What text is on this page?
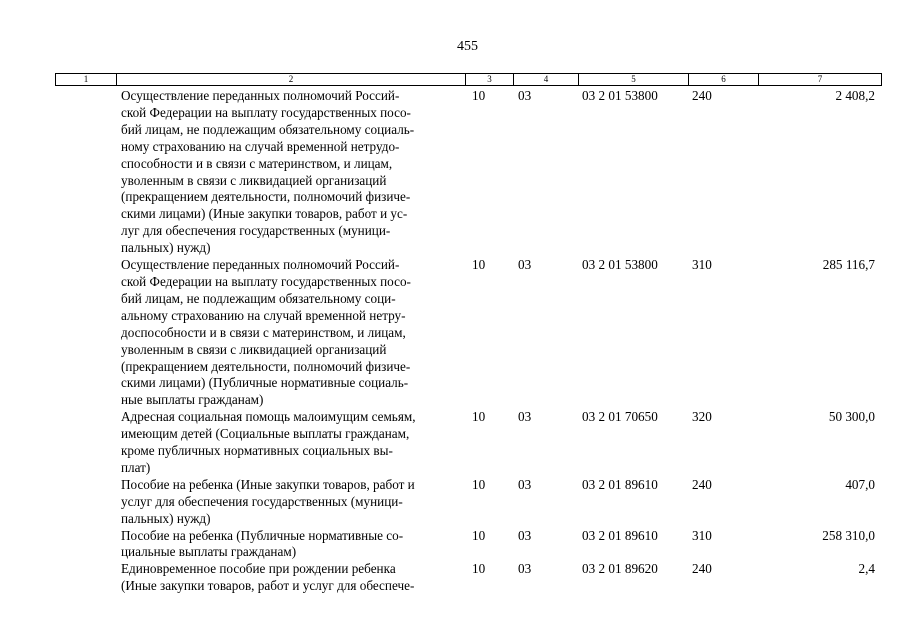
455
1	2	3	4	5	6	7
Осуществление переданных полномочий Россий-
ской Федерации на выплату государственных посо-
бий лицам, не подлежащим обязательному социаль-
ному страхованию на случай временной нетрудо-
способности и в связи с материнством, и лицам,
уволенным в связи с ликвидацией организаций
(прекращением деятельности, полномочий физиче-
скими лицами) (Иные закупки товаров, работ и ус-
луг для обеспечения государственных (муници-
пальных) нужд)
10 03	03 2 01 53800	240	2 408,2
Осуществление переданных полномочий Россий-
ской Федерации на выплату государственных посо-
бий лицам, не подлежащим обязательному соци-
альному страхованию на случай временной нетру-
доспособности и в связи с материнством, и лицам,
уволенным в связи с ликвидацией организаций
(прекращением деятельности, полномочий физиче-
скими лицами) (Публичные нормативные социаль-
ные выплаты гражданам)
10 03	03 2 01 53800	310	285 116,7
Адресная социальная помощь малоимущим семьям,
имеющим детей (Социальные выплаты гражданам,
кроме публичных нормативных социальных вы-
плат)
10 03	03 2 01 70650	320	50 300,0
Пособие на ребенка (Иные закупки товаров, работ и
услуг для обеспечения государственных (муници-
пальных) нужд)
10 03	03 2 01 89610	240	407,0
Пособие на ребенка (Публичные нормативные со-
циальные выплаты гражданам)
10 03	03 2 01 89610	310	258 310,0
Единовременное пособие при рождении ребенка
(Иные закупки товаров, работ и услуг для обеспече-
10 03	03 2 01 89620	240	2,4
